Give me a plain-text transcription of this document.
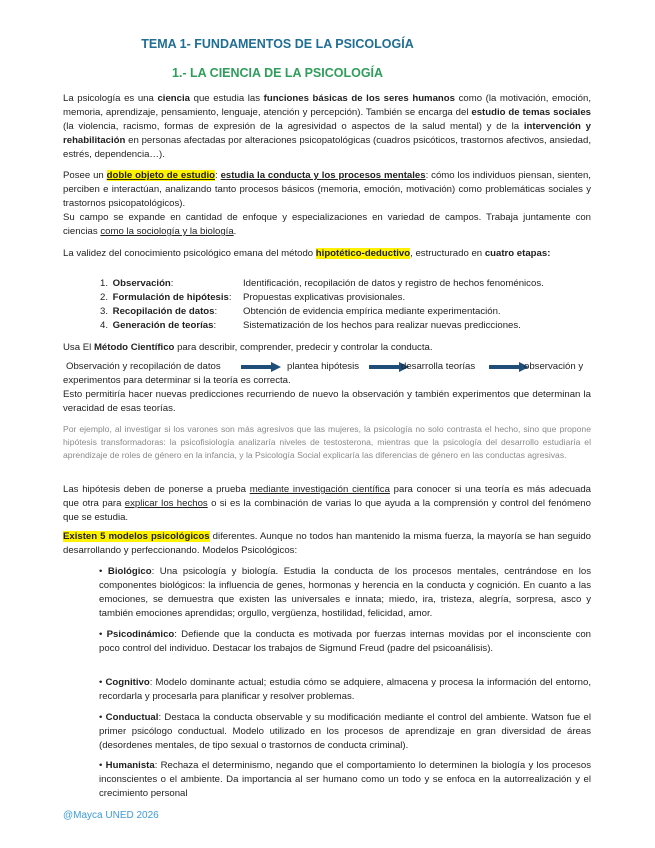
TEMA 1- FUNDAMENTOS DE LA PSICOLOGÍA
1.- LA CIENCIA DE LA PSICOLOGÍA
La psicología es una ciencia que estudia las funciones básicas de los seres humanos como (la motivación, emoción, memoria, aprendizaje, pensamiento, lenguaje, atención y percepción). También se encarga del estudio de temas sociales (la violencia, racismo, formas de expresión de la agresividad o aspectos de la salud mental) y de la intervención y rehabilitación en personas afectadas por alteraciones psicopatológicas (cuadros psicóticos, trastornos afectivos, ansiedad, estrés, dependencia…).
Posee un doble objeto de estudio: estudia la conducta y los procesos mentales: cómo los individuos piensan, sienten, perciben e interactúan, analizando tanto procesos básicos (memoria, emoción, motivación) como problemáticas sociales y trastornos psicopatológicos).
Su campo se expande en cantidad de enfoque y especializaciones en variedad de campos. Trabaja juntamente con ciencias como la sociología y la biología.
La validez del conocimiento psicológico emana del método hipotético-deductivo, estructurado en cuatro etapas:
1. Observación:	Identificación, recopilación de datos y registro de hechos fenoménicos.
2. Formulación de hipótesis: Propuestas explicativas provisionales.
3. Recopilación de datos:	Obtención de evidencia empírica mediante experimentación.
4. Generación de teorías:	Sistematización de los hechos para realizar nuevas predicciones.
Usa El Método Científico para describir, comprender, predecir y controlar la conducta.
Observación y recopilación de datos	plantea hipótesis	desarrolla teorías	observación y
experimentos para determinar si la teoría es correcta.
Esto permitiría hacer nuevas predicciones recurriendo de nuevo la observación y también experimentos que determinan la veracidad de esas teorías.
Por ejemplo, al investigar si los varones son más agresivos que las mujeres, la psicología no solo contrasta el hecho, sino que propone hipótesis transformadoras: la psicofisiología analizaría niveles de testosterona, mientras que la psicología del desarrollo estudiaría el aprendizaje de roles de género en la infancia, y la Psicología Social explicaría las diferencias de género en las conductas agresivas.
Las hipótesis deben de ponerse a prueba mediante investigación científica para conocer si una teoría es más adecuada que otra para explicar los hechos o si es la combinación de varias lo que ayuda a la comprensión y control del fenómeno que se estudia.
Existen 5 modelos psicológicos diferentes. Aunque no todos han mantenido la misma fuerza, la mayoría se han seguido desarrollando y perfeccionando. Modelos Psicológicos:
• Biológico: Una psicología y biología. Estudia la conducta de los procesos mentales, centrándose en los componentes biológicos: la influencia de genes, hormonas y herencia en la conducta y cognición. En cuanto a las emociones, se demuestra que existen las universales e innata; miedo, ira, tristeza, alegría, sorpresa, asco y también emociones aprendidas; orgullo, vergüenza, hostilidad, felicidad, amor.
• Psicodinámico: Defiende que la conducta es motivada por fuerzas internas movidas por el inconsciente con poco control del individuo. Destacar los trabajos de Sigmund Freud (padre del psicoanálisis).
• Cognitivo: Modelo dominante actual; estudia cómo se adquiere, almacena y procesa la información del entorno, recordarla y procesarla para planificar y resolver problemas.
• Conductual: Destaca la conducta observable y su modificación mediante el control del ambiente. Watson fue el primer psicólogo conductual. Modelo utilizado en los procesos de aprendizaje en gran diversidad de áreas (desordenes mentales, de tipo sexual o trastornos de conducta criminal).
• Humanista: Rechaza el determinismo, negando que el comportamiento lo determinen la biología y los procesos inconscientes o el ambiente. Da importancia al ser humano como un todo y se enfoca en la autorrealización y el crecimiento personal
@Mayca UNED 2026
